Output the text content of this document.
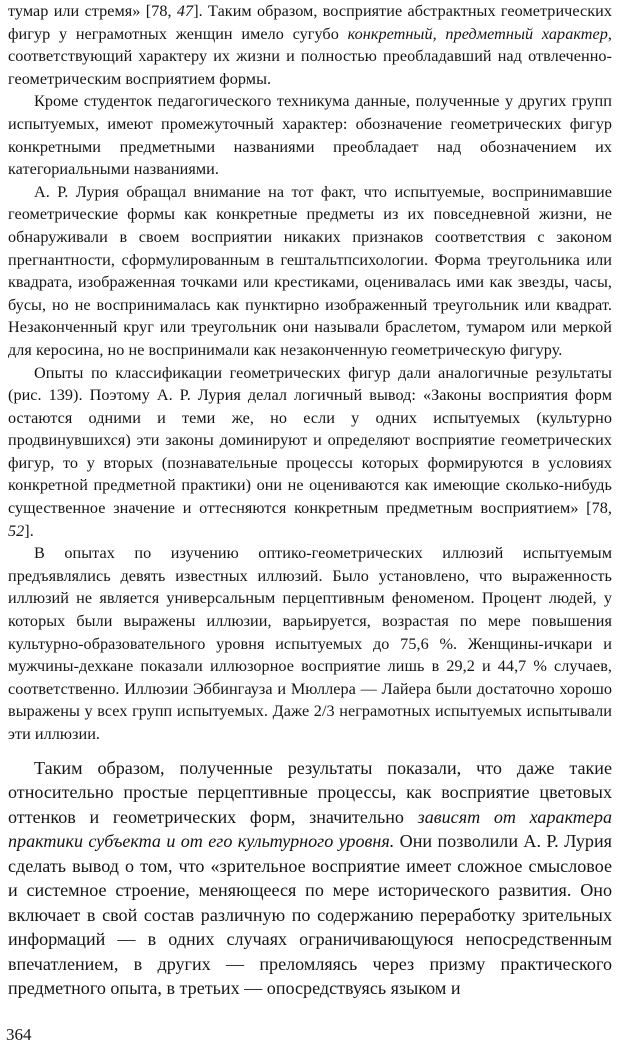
тумар или стремя» [78, 47]. Таким образом, восприятие абстрактных геометрических фигур у неграмотных женщин имело сугубо конкретный, предметный характер, соответствующий характеру их жизни и полностью преобладавший над отвлеченно-геометрическим восприятием формы.

Кроме студенток педагогического техникума данные, полученные у других групп испытуемых, имеют промежуточный характер: обозначение геометрических фигур конкретными предметными названиями преобладает над обозначением их категориальными названиями.

А. Р. Лурия обращал внимание на тот факт, что испытуемые, воспринимавшие геометрические формы как конкретные предметы из их повседневной жизни, не обнаруживали в своем восприятии никаких признаков соответствия с законом прегнантности, сформулированным в гештальтпсихологии. Форма треугольника или квадрата, изображенная точками или крестиками, оценивалась ими как звезды, часы, бусы, но не воспринималась как пунктирно изображенный треугольник или квадрат. Незаконченный круг или треугольник они называли браслетом, тумаром или меркой для керосина, но не воспринимали как незаконченную геометрическую фигуру.

Опыты по классификации геометрических фигур дали аналогичные результаты (рис. 139). Поэтому А. Р. Лурия делал логичный вывод: «Законы восприятия форм остаются одними и теми же, но если у одних испытуемых (культурно продвинувшихся) эти законы доминируют и определяют восприятие геометрических фигур, то у вторых (познавательные процессы которых формируются в условиях конкретной предметной практики) они не оцениваются как имеющие сколько-нибудь существенное значение и оттесняются конкретным предметным восприятием» [78, 52].

В опытах по изучению оптико-геометрических иллюзий испытуемым предъявлялись девять известных иллюзий. Было установлено, что выраженность иллюзий не является универсальным перцептивным феноменом. Процент людей, у которых были выражены иллюзии, варьируется, возрастая по мере повышения культурно-образовательного уровня испытуемых до 75,6 %. Женщины-ичкари и мужчины-дехкане показали иллюзорное восприятие лишь в 29,2 и 44,7 % случаев, соответственно. Иллюзии Эббингауза и Мюллера — Лайера были достаточно хорошо выражены у всех групп испытуемых. Даже 2/3 неграмотных испытуемых испытывали эти иллюзии.

Таким образом, полученные результаты показали, что даже такие относительно простые перцептивные процессы, как восприятие цветовых оттенков и геометрических форм, значительно зависят от характера практики субъекта и от его культурного уровня. Они позволили А. Р. Лурия сделать вывод о том, что «зрительное восприятие имеет сложное смысловое и системное строение, меняющееся по мере исторического развития. Оно включает в свой состав различную по содержанию переработку зрительных информаций — в одних случаях ограничивающуюся непосредственным впечатлением, в других — преломляясь через призму практического предметного опыта, в третьих — опосредствуясь языком и

364
